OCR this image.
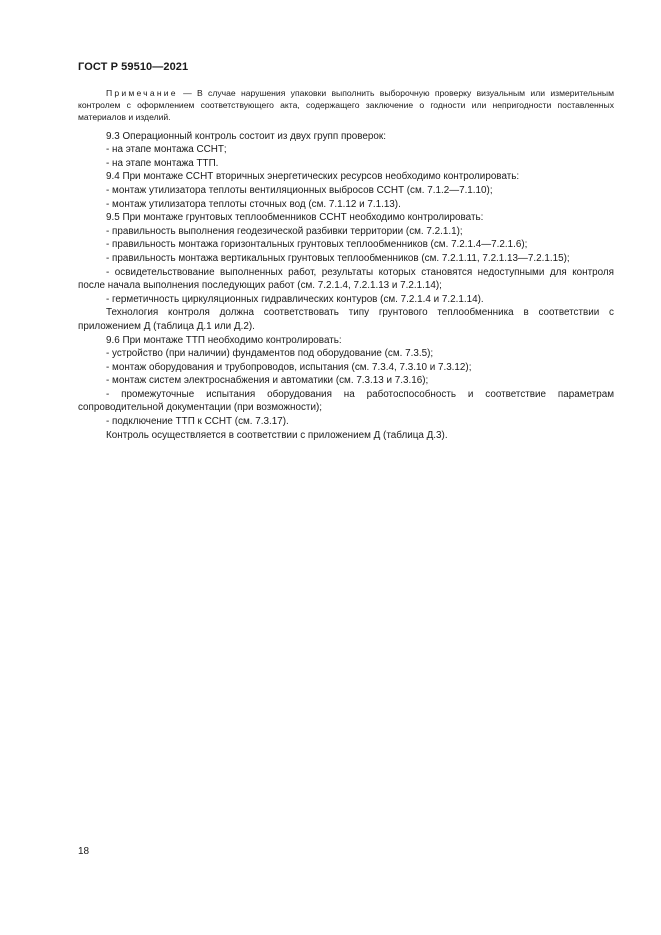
ГОСТ Р 59510—2021

Примечание — В случае нарушения упаковки выполнить выборочную проверку визуальным или измерительным контролем с оформлением соответствующего акта, содержащего заключение о годности или непригодности поставленных материалов и изделий.

9.3 Операционный контроль состоит из двух групп проверок:

- на этапе монтажа ССНТ;

- на этапе монтажа ТТП.

9.4 При монтаже ССНТ вторичных энергетических ресурсов необходимо контролировать:

- монтаж утилизатора теплоты вентиляционных выбросов ССНТ (см. 7.1.2—7.1.10);

- монтаж утилизатора теплоты сточных вод (см. 7.1.12 и 7.1.13).

9.5 При монтаже грунтовых теплообменников ССНТ необходимо контролировать:

- правильность выполнения геодезической разбивки территории (см. 7.2.1.1);

- правильность монтажа горизонтальных грунтовых теплообменников (см. 7.2.1.4—7.2.1.6);

- правильность монтажа вертикальных грунтовых теплообменников (см. 7.2.1.11, 7.2.1.13—7.2.1.15);

- освидетельствование выполненных работ, результаты которых становятся недоступными для контроля после начала выполнения последующих работ (см. 7.2.1.4, 7.2.1.13 и 7.2.1.14);

- герметичность циркуляционных гидравлических контуров (см. 7.2.1.4 и 7.2.1.14).

Технология контроля должна соответствовать типу грунтового теплообменника в соответствии с приложением Д (таблица Д.1 или Д.2).

9.6 При монтаже ТТП необходимо контролировать:

- устройство (при наличии) фундаментов под оборудование (см. 7.3.5);

- монтаж оборудования и трубопроводов, испытания (см. 7.3.4, 7.3.10 и 7.3.12);

- монтаж систем электроснабжения и автоматики (см. 7.3.13 и 7.3.16);

- промежуточные испытания оборудования на работоспособность и соответствие параметрам сопроводительной документации (при возможности);

- подключение ТТП к ССНТ (см. 7.3.17).

Контроль осуществляется в соответствии с приложением Д (таблица Д.3).

18
